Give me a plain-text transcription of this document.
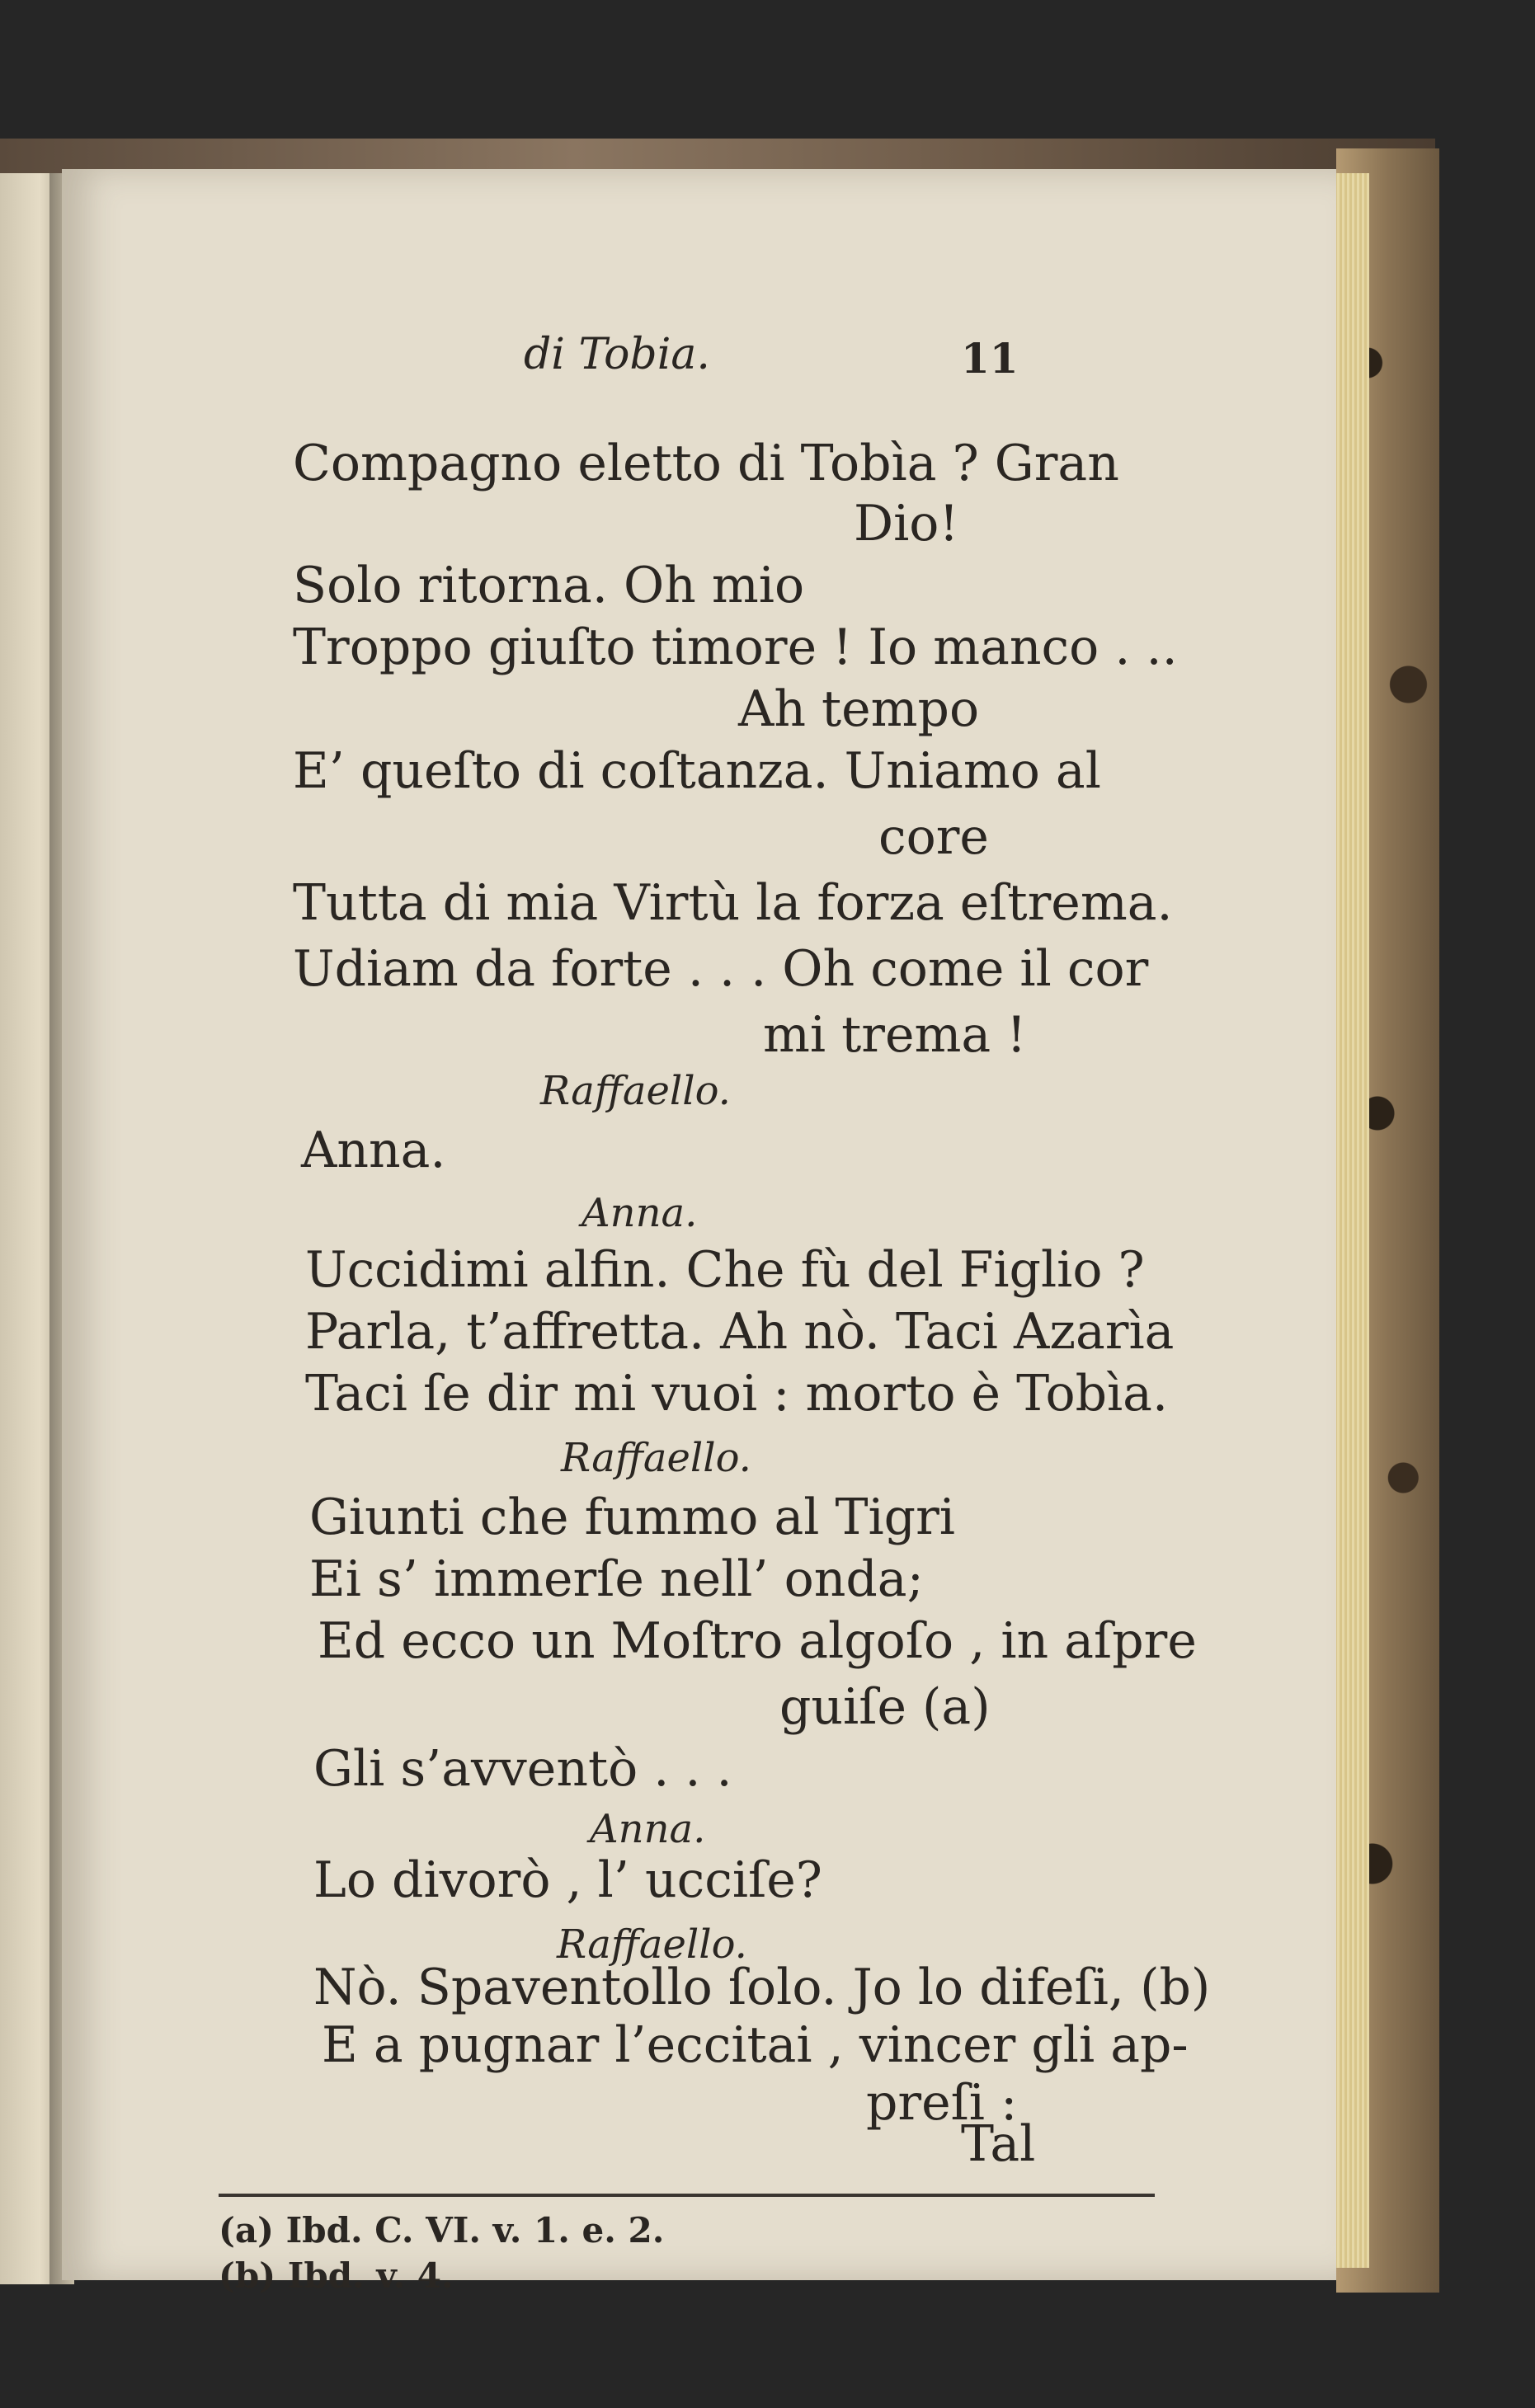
di Tobia.	11
Compagno eletto di Tobìa ? Gran
Dio!
Solo ritorna. Oh mio
Troppo giuſto timore ! Io manco . ..
Ah tempo
E’ queſto di coſtanza. Uniamo al
core
Tutta di mia Virtù la forza eſtrema.
Udiam da forte . . . Oh come il cor
mi trema !
Raffaello.
Anna.
Anna.
Uccidimi alfin. Che fù del Figlio ?
Parla, t’affretta. Ah nò. Taci Azarìa
Taci ſe dir mi vuoi : morto è Tobìa.
Raffaello.
Giunti che fummo al Tigri
Ei s’ immerſe nell’ onda;
Ed ecco un Moſtro algoſo , in aſpre
guiſe (a)
Gli s’avventò . . .
Anna.
Lo divorò , l’ ucciſe?
Raffaello.
Nò. Spaventollo ſolo. Jo lo difeſi, (b)
E a pugnar l’eccitai , vincer gli ap-
preſi :
Tal
(a) Ibd. C. VI. v. 1. e. 2.
(b) Ibd. v. 4.
